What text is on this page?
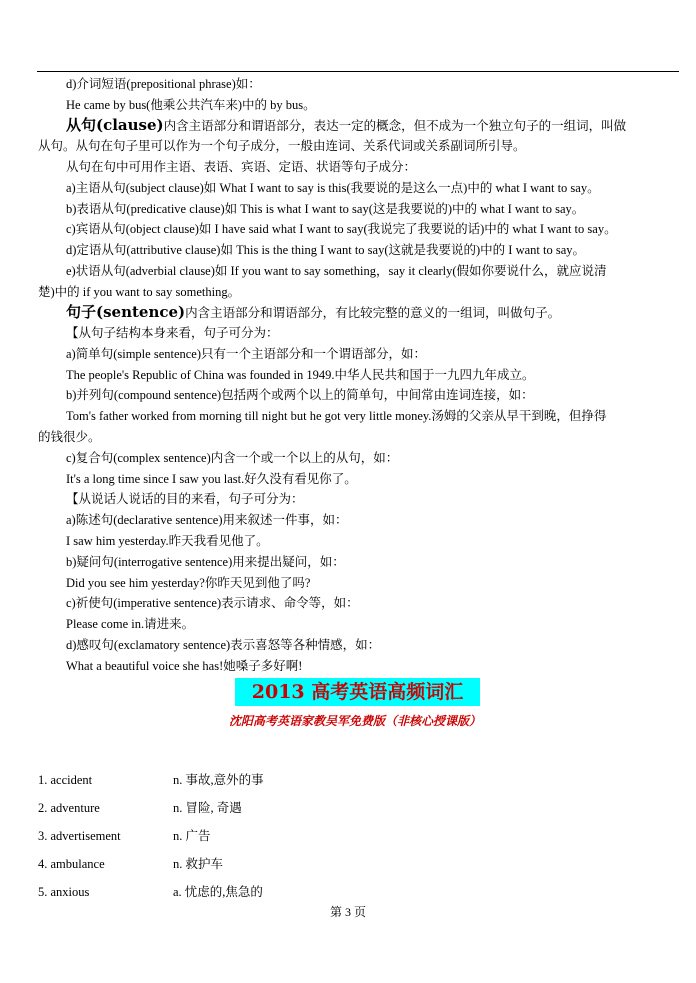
d)介词短语(prepositional phrase)如：
He came by bus(他乘公共汽车来)中的 by bus。
从句(clause)内含主语部分和谓语部分，表达一定的概念，但不成为一个独立句子的一组词，叫做
从句。从句在句子里可以作为一个句子成分，一般由连词、关系代词或关系副词所引导。
从句在句中可用作主语、表语、宾语、定语、状语等句子成分：
a)主语从句(subject clause)如 What I want to say is this(我要说的是这么一点)中的 what I want to say。
b)表语从句(predicative clause)如 This is what I want to say(这是我要说的)中的 what I want to say。
c)宾语从句(object clause)如 I have said what I want to say(我说完了我要说的话)中的 what I want to say。
d)定语从句(attributive clause)如 This is the thing I want to say(这就是我要说的)中的 I want to say。
e)状语从句(adverbial clause)如 If you want to say something，say it clearly(假如你要说什么，就应说清
楚)中的 if you want to say something。
句子(sentence)内含主语部分和谓语部分，有比较完整的意义的一组词，叫做句子。
【从句子结构本身来看，句子可分为：
a)简单句(simple sentence)只有一个主语部分和一个谓语部分，如：
The people's Republic of China was founded in 1949.中华人民共和国于一九四九年成立。
b)并列句(compound sentence)包括两个或两个以上的简单句，中间常由连词连接，如：
Tom's father worked from morning till night but he got very little money.汤姆的父亲从早干到晚，但挣得
的钱很少。
c)复合句(complex sentence)内含一个或一个以上的从句，如：
It's a long time since I saw you last.好久没有看见你了。
【从说话人说话的目的来看，句子可分为：
a)陈述句(declarative sentence)用来叙述一件事，如：
I saw him yesterday.昨天我看见他了。
b)疑问句(interrogative sentence)用来提出疑问，如：
Did you see him yesterday?你昨天见到他了吗?
c)祈使句(imperative sentence)表示请求、命令等，如：
Please come in.请进来。
d)感叹句(exclamatory sentence)表示喜怒等各种情感，如：
What a beautiful voice she has!她嗓子多好啊!
2013 高考英语高频词汇
沈阳高考英语家教吴军免费版（非核心授课版）
1. accident	n. 事故,意外的事
2. adventure	n. 冒险, 奇遇
3. advertisement	n. 广告
4. ambulance	n. 救护车
5. anxious	a. 忧虑的,焦急的
第 3 页
